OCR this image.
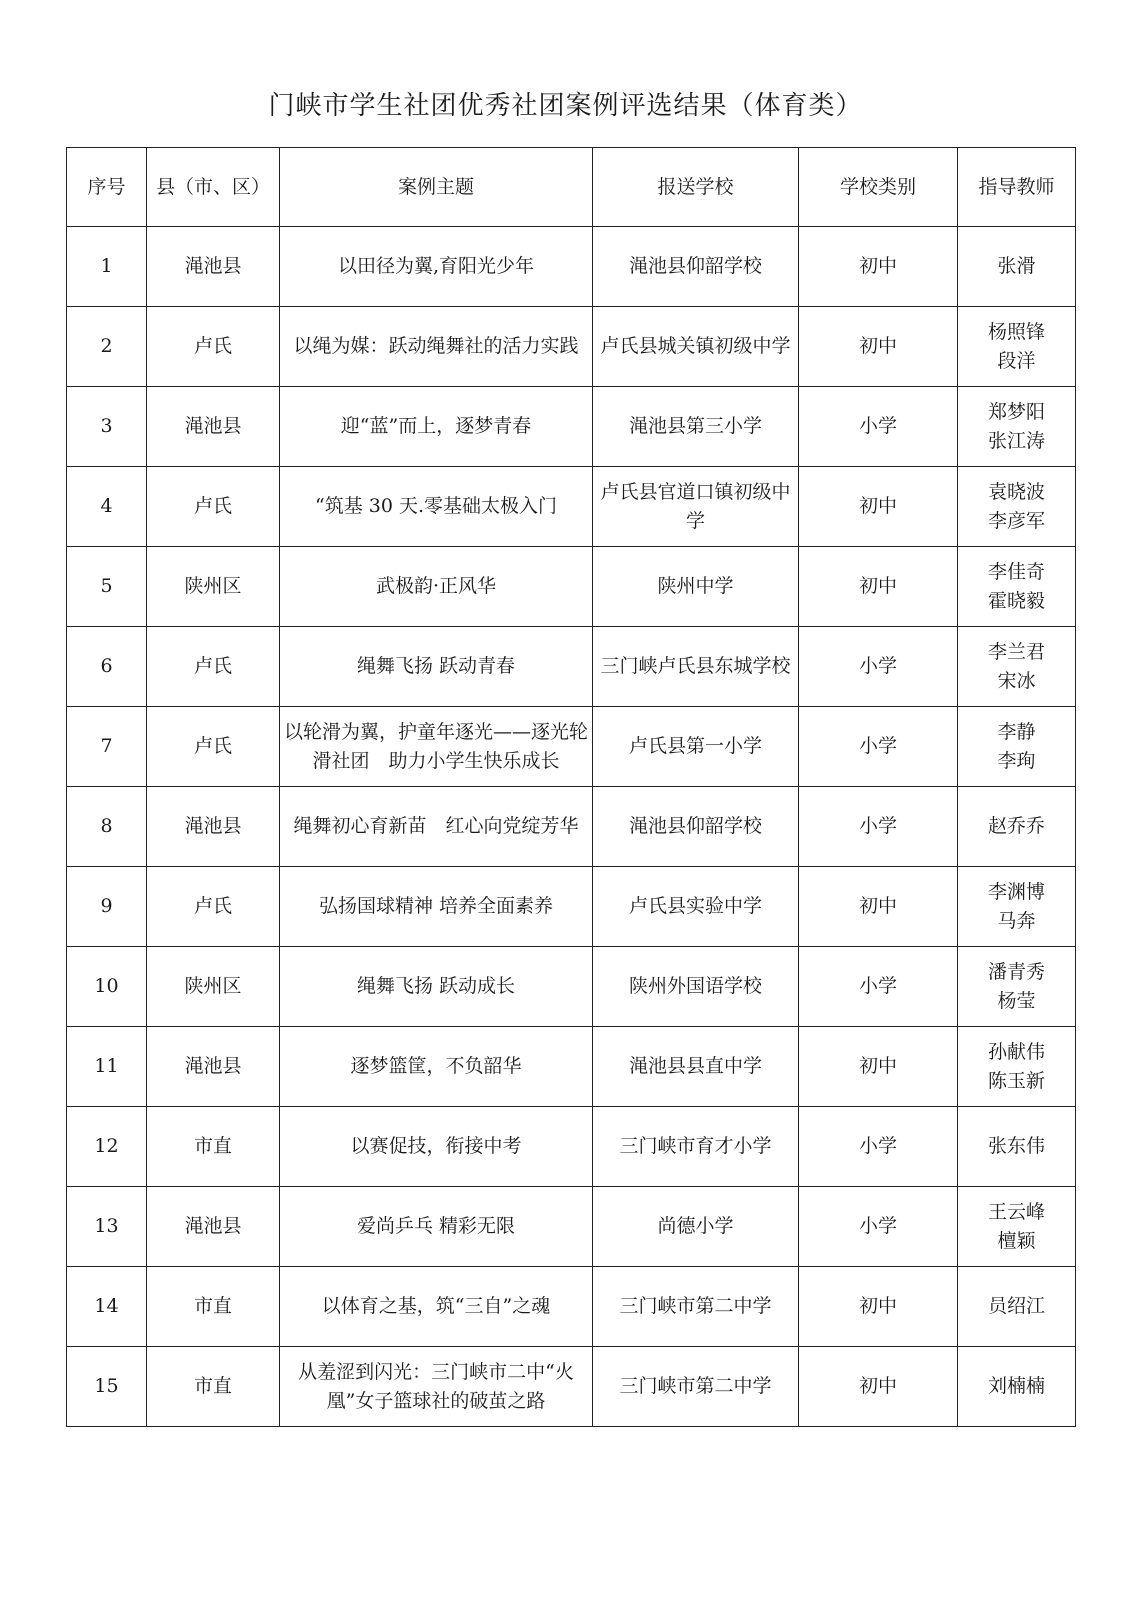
门峡市学生社团优秀社团案例评选结果（体育类）
序号	县（市、区）	案例主题	报送学校	学校类别	指导教师
1	渑池县	以田径为翼,育阳光少年	渑池县仰韶学校	初中	张滑
2	卢氏	以绳为媒：跃动绳舞社的活力实践	卢氏县城关镇初级中学	初中	杨照锋
段洋
3	渑池县	迎“蓝”而上，逐梦青春	渑池县第三小学	小学	郑梦阳
张江涛
4	卢氏	“筑基 30 天.零基础太极入门	卢氏县官道口镇初级中学	初中	袁晓波
李彦军
5	陕州区	武极韵·正风华	陕州中学	初中	李佳奇
霍晓毅
6	卢氏	绳舞飞扬 跃动青春	三门峡卢氏县东城学校	小学	李兰君
宋冰
7	卢氏	以轮滑为翼，护童年逐光——逐光轮滑社团　助力小学生快乐成长	卢氏县第一小学	小学	李静
李珣
8	渑池县	绳舞初心育新苗　红心向党绽芳华	渑池县仰韶学校	小学	赵乔乔
9	卢氏	弘扬国球精神 培养全面素养	卢氏县实验中学	初中	李渊博
马奔
10	陕州区	绳舞飞扬 跃动成长	陕州外国语学校	小学	潘青秀
杨莹
11	渑池县	逐梦篮筐，不负韶华	渑池县县直中学	初中	孙献伟
陈玉新
12	市直	以赛促技，衔接中考	三门峡市育才小学	小学	张东伟
13	渑池县	爱尚乒乓 精彩无限	尚德小学	小学	王云峰
檀颖
14	市直	以体育之基，筑“三自”之魂	三门峡市第二中学	初中	员绍江
15	市直	从羞涩到闪光：三门峡市二中“火凰”女子篮球社的破茧之路	三门峡市第二中学	初中	刘楠楠
